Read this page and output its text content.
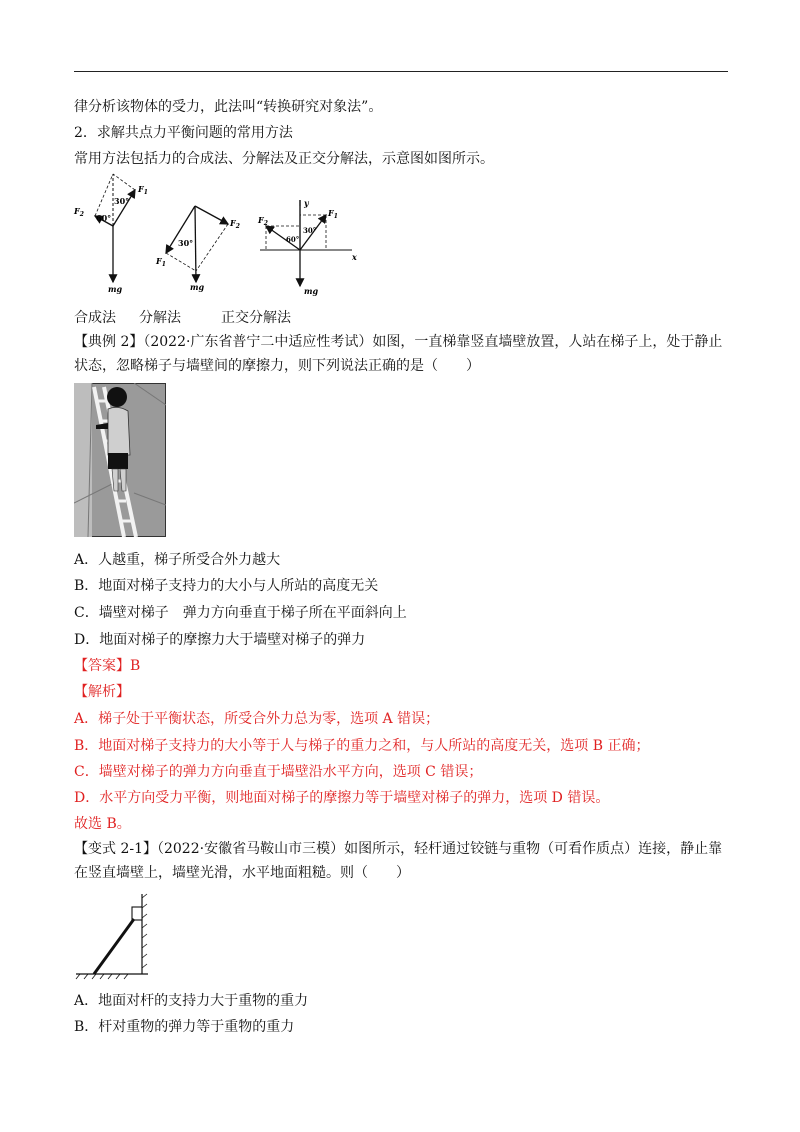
律分析该物体的受力，此法叫“转换研究对象法”。
2．求解共点力平衡问题的常用方法
常用方法包括力的合成法、分解法及正交分解法，示意图如图所示。
$F_1$
$F_2$
30°
60°
mg
$F_2$
$F_1$
30°
mg
y
x
$F_1$
$F_2$
60°
30°
mg
合成法 分解法	正交分解法
【典例 2】（2022·广东省普宁二中适应性考试）如图，一直梯靠竖直墙壁放置，人站在梯子上，处于静止
状态，忽略梯子与墙壁间的摩擦力，则下列说法正确的是（　　）
A．人越重，梯子所受合外力越大
B．地面对梯子支持力的大小与人所站的高度无关
C．墙壁对梯子　弹力方向垂直于梯子所在平面斜向上
D．地面对梯子的摩擦力大于墙壁对梯子的弹力
【答案】B
【解析】
A．梯子处于平衡状态，所受合外力总为零，选项 A 错误；
B．地面对梯子支持力的大小等于人与梯子的重力之和，与人所站的高度无关，选项 B 正确；
C．墙壁对梯子的弹力方向垂直于墙壁沿水平方向，选项 C 错误；
D．水平方向受力平衡，则地面对梯子的摩擦力等于墙壁对梯子的弹力，选项 D 错误。
故选 B。
【变式 2-1】（2022·安徽省马鞍山市三模）如图所示，轻杆通过铰链与重物（可看作质点）连接，静止靠
在竖直墙壁上，墙壁光滑，水平地面粗糙。则（　　）
A．地面对杆的支持力大于重物的重力
B．杆对重物的弹力等于重物的重力
